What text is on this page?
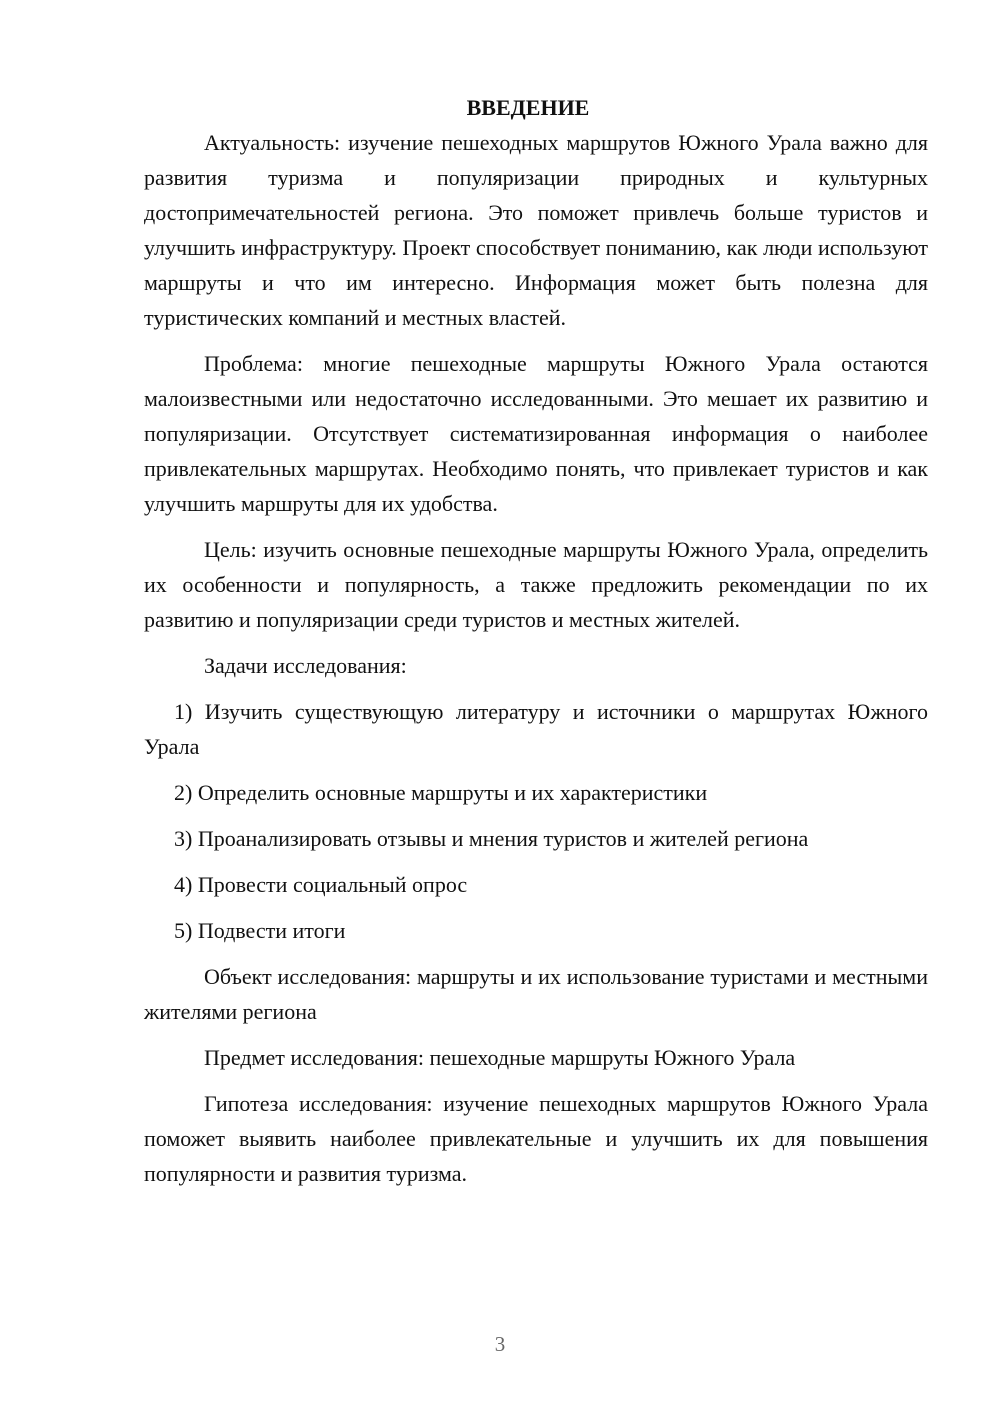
ВВЕДЕНИЕ

Актуальность: изучение пешеходных маршрутов Южного Урала важно для развития туризма и популяризации природных и культурных достопримечательностей региона. Это поможет привлечь больше туристов и улучшить инфраструктуру. Проект способствует пониманию, как люди используют маршруты и что им интересно. Информация может быть полезна для туристических компаний и местных властей.

Проблема: многие пешеходные маршруты Южного Урала остаются малоизвестными или недостаточно исследованными. Это мешает их развитию и популяризации. Отсутствует систематизированная информация о наиболее привлекательных маршрутах. Необходимо понять, что привлекает туристов и как улучшить маршруты для их удобства.

Цель: изучить основные пешеходные маршруты Южного Урала, определить их особенности и популярность, а также предложить рекомендации по их развитию и популяризации среди туристов и местных жителей.

Задачи исследования:

1) Изучить существующую литературу и источники о маршрутах Южного Урала

2) Определить основные маршруты и их характеристики

3) Проанализировать отзывы и мнения туристов и жителей региона

4) Провести социальный опрос

5) Подвести итоги

Объект исследования: маршруты и их использование туристами и местными жителями региона

Предмет исследования: пешеходные маршруты Южного Урала

Гипотеза исследования: изучение пешеходных маршрутов Южного Урала поможет выявить наиболее привлекательные и улучшить их для повышения популярности и развития туризма.

3
